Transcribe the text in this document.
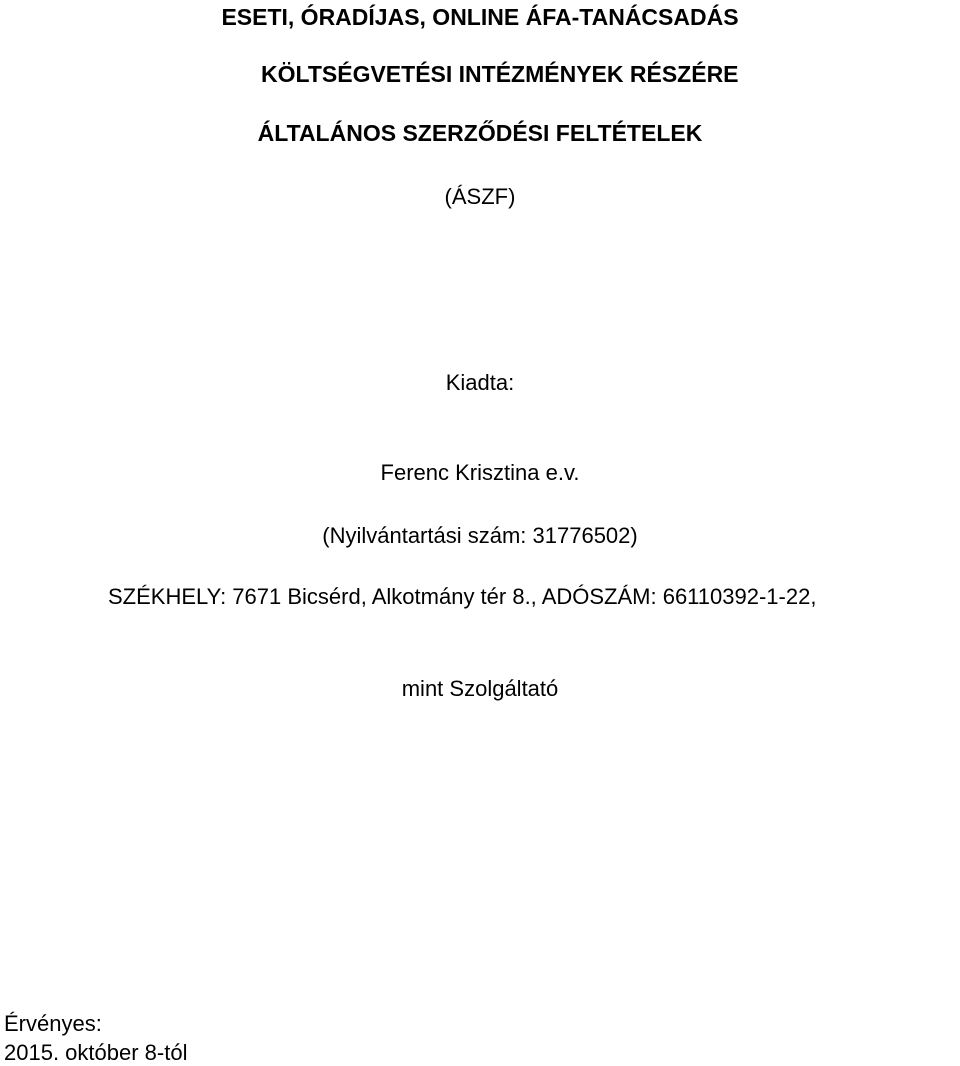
ESETI, ÓRADÍJAS, ONLINE ÁFA-TANÁCSADÁS
KÖLTSÉGVETÉSI INTÉZMÉNYEK RÉSZÉRE
ÁLTALÁNOS SZERZŐDÉSI FELTÉTELEK
(ÁSZF)
Kiadta:
Ferenc Krisztina e.v.
(Nyilvántartási szám: 31776502)
SZÉKHELY: 7671 Bicsérd, Alkotmány tér 8., ADÓSZÁM: 66110392-1-22,
mint Szolgáltató
Érvényes:
2015. október 8-tól
